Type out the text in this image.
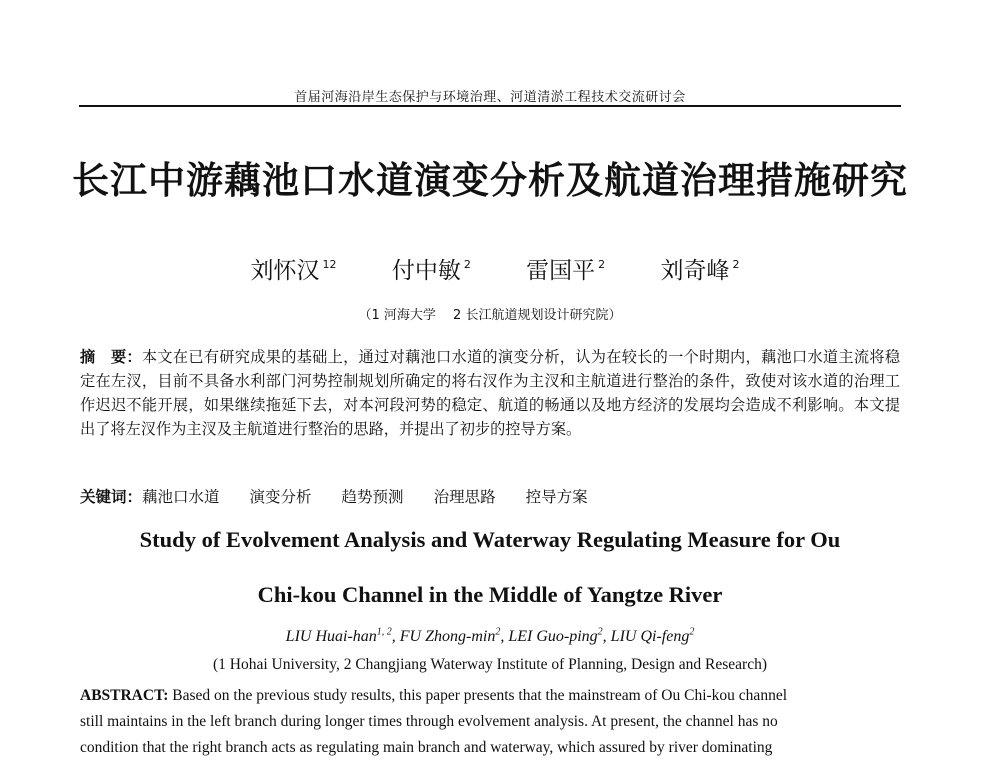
首届河海沿岸生态保护与环境治理、河道清淤工程技术交流研讨会
长江中游藕池口水道演变分析及航道治理措施研究
刘怀汉 $^{12}$ 付中敏 $^2$ 雷国平 $^2$ 刘奇峰 $^2$
（1 河海大学　 2 长江航道规划设计研究院）
摘　要：本文在已有研究成果的基础上，通过对藕池口水道的演变分析，认为在较长的一个时期内，藕池口水道主流将稳定在左汊，目前不具备水利部门河势控制规划所确定的将右汊作为主汊和主航道进行整治的条件，致使对该水道的治理工作迟迟不能开展，如果继续拖延下去，对本河段河势的稳定、航道的畅通以及地方经济的发展均会造成不利影响。本文提出了将左汊作为主汊及主航道进行整治的思路，并提出了初步的控导方案。
关键词：藕池口水道 演变分析 趋势预测 治理思路 控导方案
Study of Evolvement Analysis and Waterway Regulating Measure for Ou
Chi-kou Channel in the Middle of Yangtze River
LIU Huai-han$^{1, 2}$, FU Zhong-$\min^2$, LEI Guo-ping$^2$, LIU Qi-feng$^2$
(1 Hohai University, 2 Changjiang Waterway Institute of Planning, Design and Research)
ABSTRACT: Based on the previous study results, this paper presents that the mainstream of Ou Chi-kou channel
still maintains in the left branch during longer times through evolvement analysis. At present, the channel has no
condition that the right branch acts as regulating main branch and waterway, which assured by river dominating
